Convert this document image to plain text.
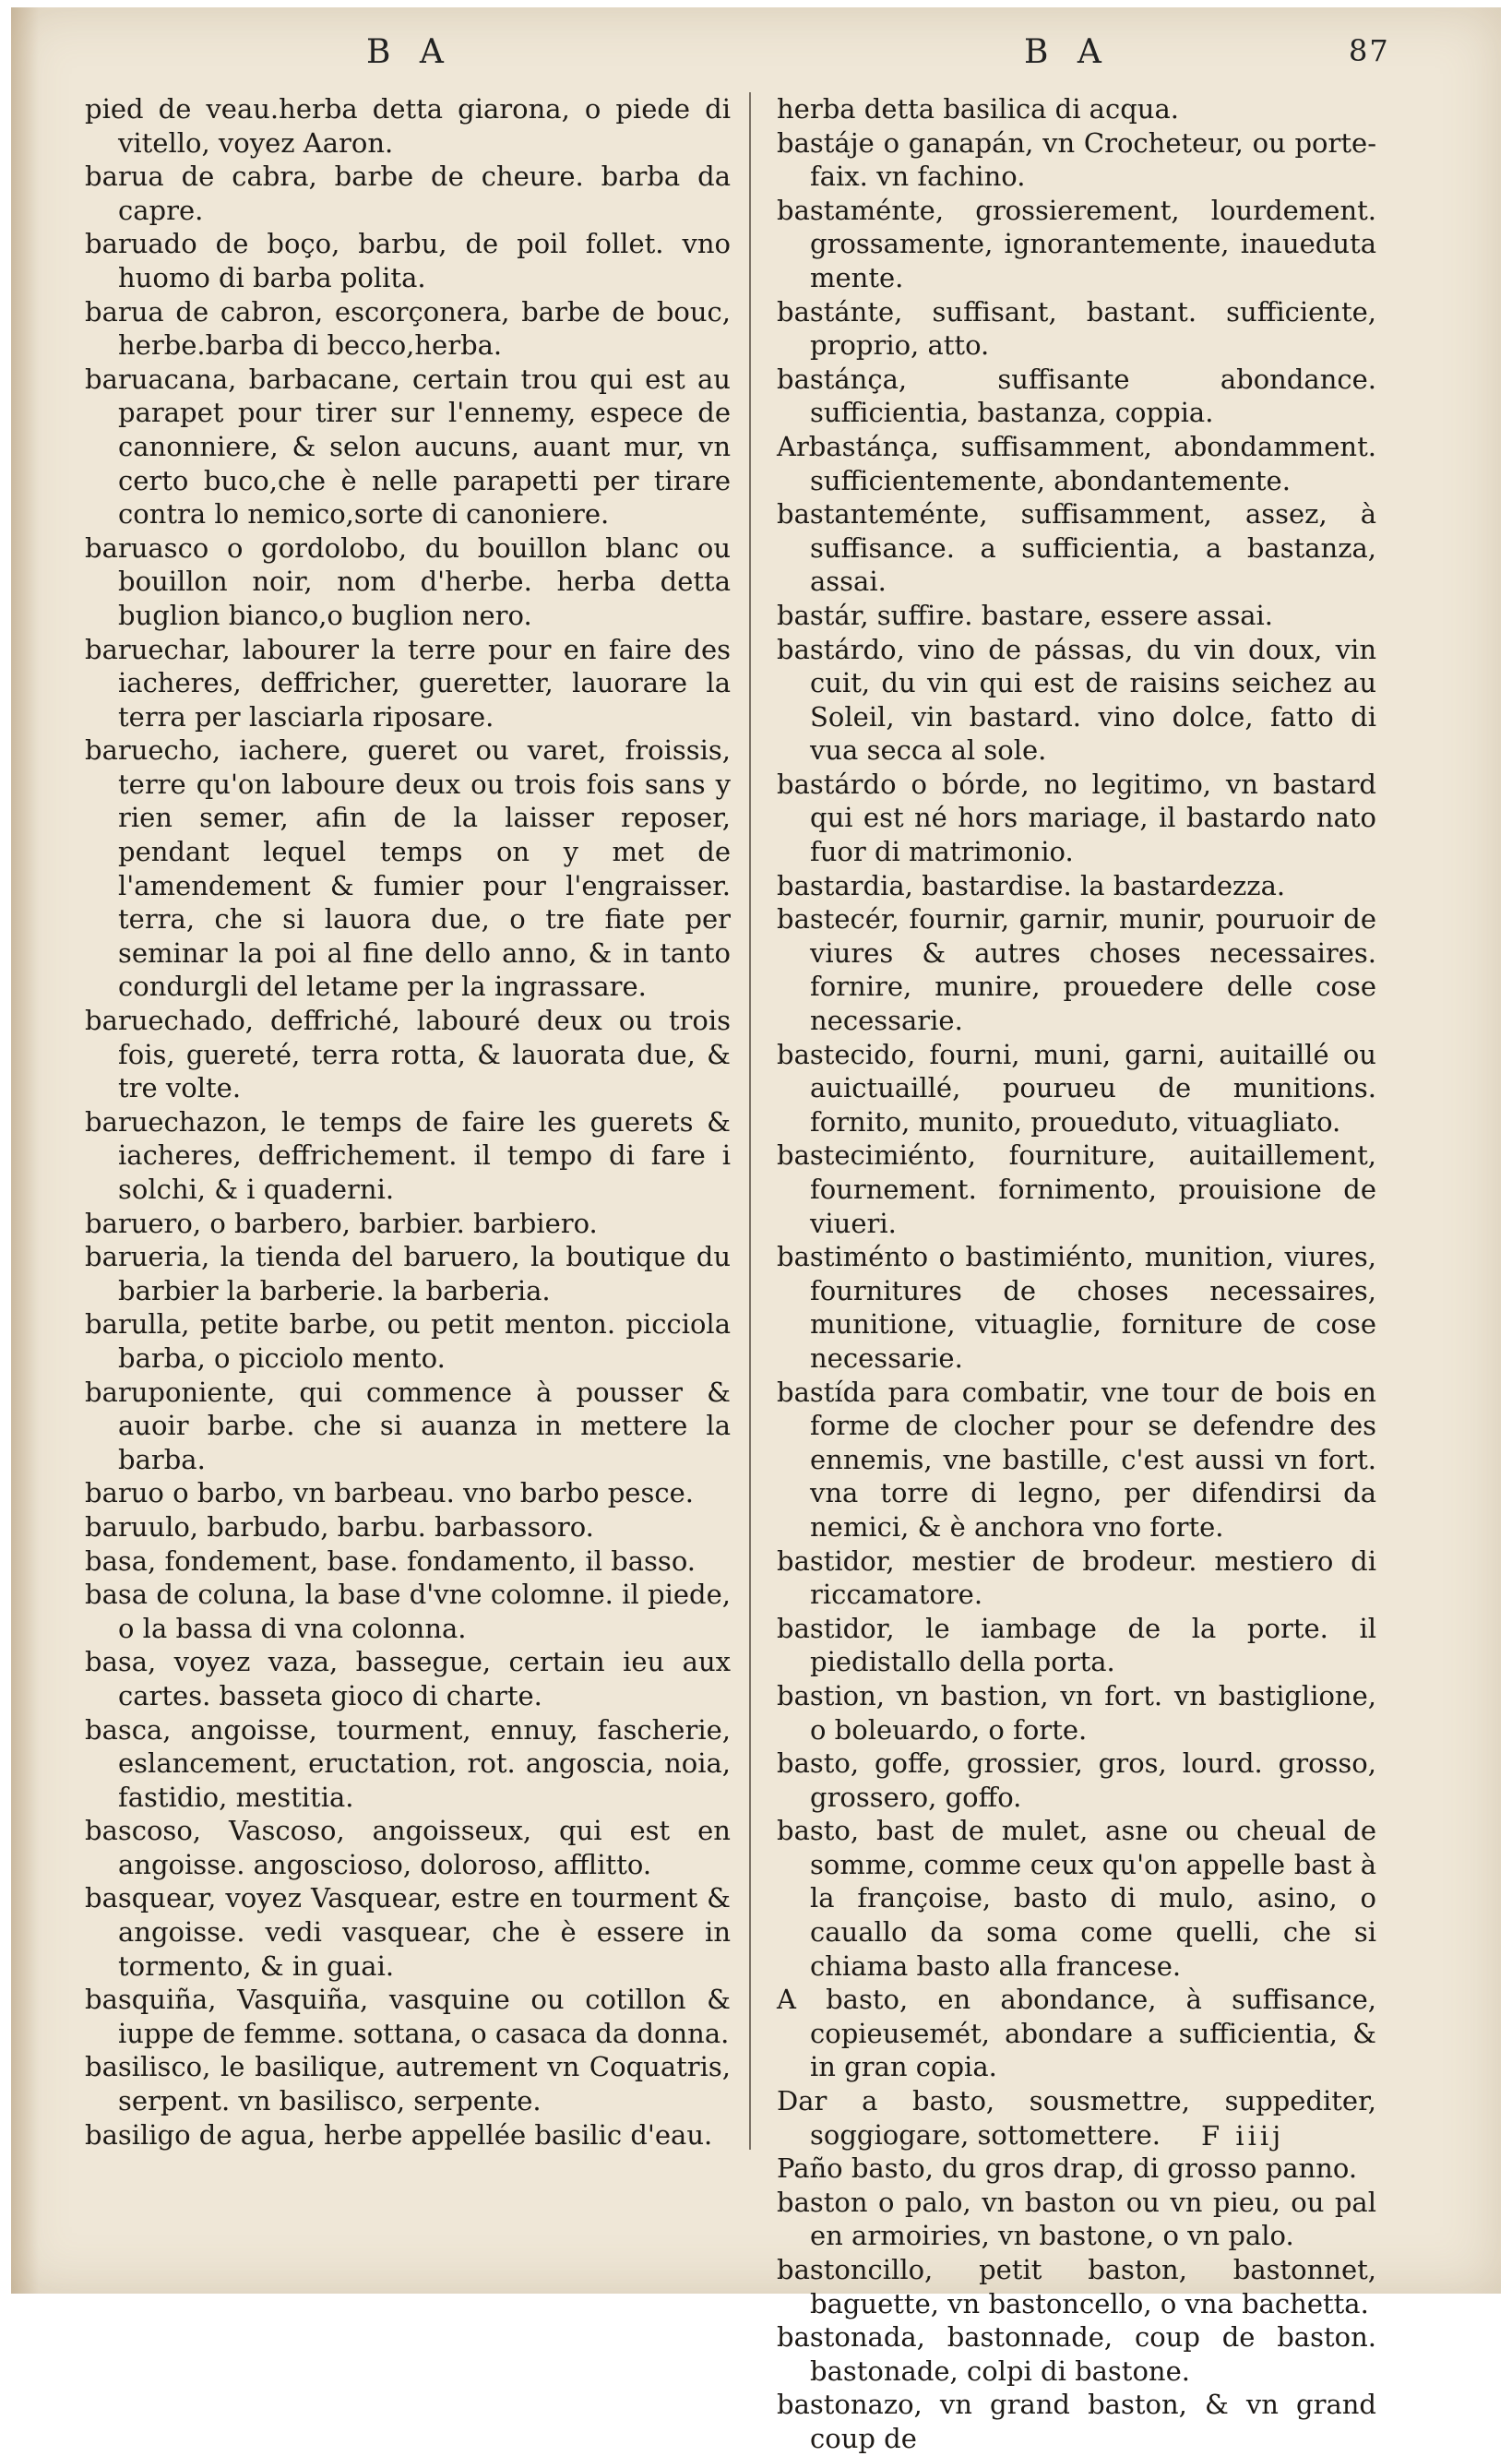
B A	B A	87

pied de veau.herba detta giarona, o piede di vitello, voyez Aaron.

barua de cabra, barbe de cheure. barba da capre.

baruado de boço, barbu, de poil follet. vno huomo di barba polita.

barua de cabron, escorçonera, barbe de bouc, herbe.barba di becco,herba.

baruacana, barbacane, certain trou qui est au parapet pour tirer sur l'ennemy, espece de canonniere, & selon aucuns, auant mur, vn certo buco,che è nelle parapetti per tirare contra lo nemico,sorte di canoniere.

baruasco o gordolobo, du bouillon blanc ou bouillon noir, nom d'herbe. herba detta buglion bianco,o buglion nero.

baruechar, labourer la terre pour en faire des iacheres, deffricher, gueretter, lauorare la terra per lasciarla riposare.

baruecho, iachere, gueret ou varet, froissis, terre qu'on laboure deux ou trois fois sans y rien semer, afin de la laisser reposer, pendant lequel temps on y met de l'amendement & fumier pour l'engraisser. terra, che si lauora due, o tre fiate per seminar la poi al fine dello anno, & in tanto condurgli del letame per la ingrassare.

baruechado, deffriché, labouré deux ou trois fois, guereté, terra rotta, & lauorata due, & tre volte.

baruechazon, le temps de faire les guerets & iacheres, deffrichement. il tempo di fare i solchi, & i quaderni.

baruero, o barbero, barbier. barbiero.

barueria, la tienda del baruero, la boutique du barbier la barberie. la barberia.

barulla, petite barbe, ou petit menton. picciola barba, o picciolo mento.

baruponiente, qui commence à pousser & auoir barbe. che si auanza in mettere la barba.

baruo o barbo, vn barbeau. vno barbo pesce.

baruulo, barbudo, barbu. barbassoro.

basa, fondement, base. fondamento, il basso.

basa de coluna, la base d'vne colomne. il piede, o la bassa di vna colonna.

basa, voyez vaza, bassegue, certain ieu aux cartes. basseta gioco di charte.

basca, angoisse, tourment, ennuy, fascherie, eslancement, eructation, rot. angoscia, noia, fastidio, mestitia.

bascoso, Vascoso, angoisseux, qui est en angoisse. angoscioso, doloroso, afflitto.

basquear, voyez Vasquear, estre en tourment & angoisse. vedi vasquear, che è essere in tormento, & in guai.

basquiña, Vasquiña, vasquine ou cotillon & iuppe de femme. sottana, o casaca da donna.

basilisco, le basilique, autrement vn Coquatris, serpent. vn basilisco, serpente.

basiligo de agua, herbe appellée basilic d'eau.

herba detta basilica di acqua.

bastáje o ganapán, vn Crocheteur, ou porte-faix. vn fachino.

bastaménte, grossierement, lourdement. grossamente, ignorantemente, inaueduta mente.

bastánte, suffisant, bastant. sufficiente, proprio, atto.

bastánça, suffisante abondance. sufficientia, bastanza, coppia.

Arbastánça, suffisamment, abondamment. sufficientemente, abondantemente.

bastanteménte, suffisamment, assez, à suffisance. a sufficientia, a bastanza, assai.

bastár, suffire. bastare, essere assai.

bastárdo, vino de pássas, du vin doux, vin cuit, du vin qui est de raisins seichez au Soleil, vin bastard. vino dolce, fatto di vua secca al sole.

bastárdo o bórde, no legitimo, vn bastard qui est né hors mariage, il bastardo nato fuor di matrimonio.

bastardia, bastardise. la bastardezza.

bastecér, fournir, garnir, munir, pouruoir de viures & autres choses necessaires. fornire, munire, prouedere delle cose necessarie.

bastecido, fourni, muni, garni, auitaillé ou auictuaillé, pourueu de munitions. fornito, munito, proueduto, vituagliato.

bastecimiénto, fourniture, auitaillement, fournement. fornimento, prouisione de viueri.

bastiménto o bastimiénto, munition, viures, fournitures de choses necessaires, munitione, vituaglie, forniture de cose necessarie.

bastída para combatir, vne tour de bois en forme de clocher pour se defendre des ennemis, vne bastille, c'est aussi vn fort. vna torre di legno, per difendirsi da nemici, & è anchora vno forte.

bastidor, mestier de brodeur. mestiero di riccamatore.

bastidor, le iambage de la porte. il piedistallo della porta.

bastion, vn bastion, vn fort. vn bastiglione, o boleuardo, o forte.

basto, goffe, grossier, gros, lourd. grosso, grossero, goffo.

basto, bast de mulet, asne ou cheual de somme, comme ceux qu'on appelle bast à la françoise, basto di mulo, asino, o cauallo da soma come quelli, che si chiama basto alla francese.

A basto, en abondance, à suffisance, copieusemét, abondare a sufficientia, & in gran copia.

Dar a basto, sousmettre, suppediter, soggiogare, sottomettere.

Paño basto, du gros drap, di grosso panno.

baston o palo, vn baston ou vn pieu, ou pal en armoiries, vn bastone, o vn palo.

bastoncillo, petit baston, bastonnet, baguette, vn bastoncello, o vna bachetta.

bastonada, bastonnade, coup de baston. bastonade, colpi di bastone.

bastonazo, vn grand baston, & vn grand coup de

F iiij
